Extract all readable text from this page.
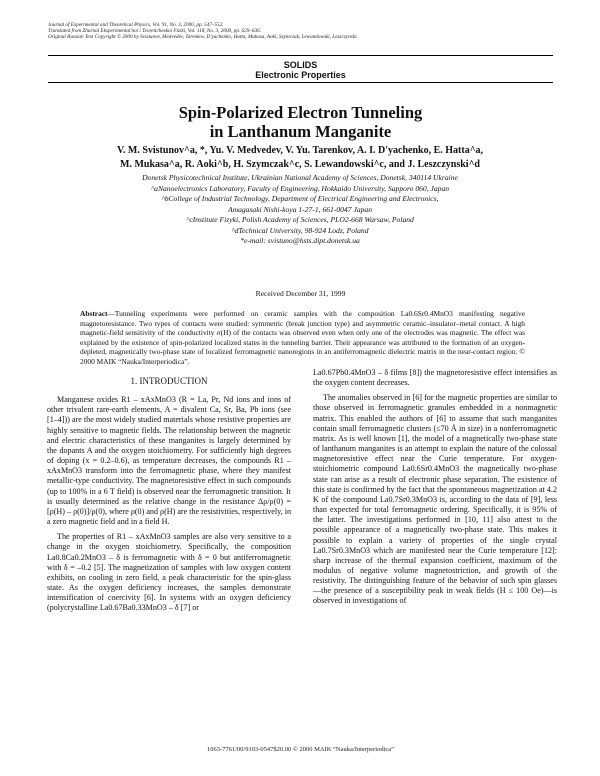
Journal of Experimental and Theoretical Physics, Vol. 91, No. 3, 2000, pp. 547–552.
Translated from Zhurnal Éksperimental'noi i Teoreticheskoi Fiziki, Vol. 118, No. 3, 2000, pp. 629–636.
Original Russian Text Copyright © 2000 by Svistunov, Medvedev, Tarenkov, D'yachenko, Hatta, Mukasa, Aoki, Szymczak, Lewandowski, Leszczynski.
SOLIDS
Electronic Properties
Spin-Polarized Electron Tunneling
in Lanthanum Manganite
V. M. Svistunov^a, *, Yu. V. Medvedev, V. Yu. Tarenkov, A. I. D'yachenko, E. Hatta^a,
M. Mukasa^a, R. Aoki^b, H. Szymczak^c, S. Lewandowski^c, and J. Leszczynski^d
Donetsk Physicotechnical Institute, Ukrainian National Academy of Sciences, Donetsk, 340114 Ukraine
^aNanoelectronics Laboratory, Faculty of Engineering, Hokkaido University, Sapporo 060, Japan
^bCollege of Industrial Technology, Department of Electrical Engineering and Electronics,
Amagasaki Nishi-koya 1-27-1, 661-0047 Japan
^cInstitute Fizyki, Polish Academy of Sciences, PLO2-668 Warsaw, Poland
^dTechnical University, 98-924 Lodz, Poland
*e-mail: svistuno@hsts.dipt.donetsk.ua
Received December 31, 1999
Abstract—Tunneling experiments were performed on ceramic samples with the composition La0.6Sr0.4MnO3 manifesting negative magnetoresistance. Two types of contacts were studied: symmetric (break junction type) and asymmetric ceramic–insulator–metal contact. A high magnetic-field sensitivity of the conductivity σ(H) of the contacts was observed even when only one of the electrodes was magnetic. The effect was explained by the existence of spin-polarized localized states in the tunneling barrier. Their appearance was attributed to the formation of an oxygen-depleted, magnetically two-phase state of localized ferromagnetic nanoregions in an antiferromagnetic dielectric matrix in the near-contact region. © 2000 MAIK “Nauka/Interperiodica”.
1. INTRODUCTION

Manganese oxides R1 – xAxMnO3 (R = La, Pr, Nd ions and ions of other trivalent rare-earth elements, A = divalent Ca, Sr, Ba, Pb ions (see [1–4])) are the most widely studied materials whose resistive properties are highly sensitive to magnetic fields. The relationship between the magnetic and electric characteristics of these manganites is largely determined by the dopants A and the oxygen stoichiometry. For sufficiently high degrees of doping (x = 0.2–0.6), as temperature decreases, the compounds R1 – xAxMnO3 transform into the ferromagnetic phase, where they manifest metallic-type conductivity. The magnetoresistive effect in such compounds (up to 100% in a 6 T field) is observed near the ferromagnetic transition. It is usually determined as the relative change in the resistance Δρ/ρ(0) = [ρ(H) – ρ(0)]/ρ(0), where ρ(0) and ρ(H) are the resistivities, respectively, in a zero magnetic field and in a field H.

The properties of R1 – xAxMnO3 samples are also very sensitive to a change in the oxygen stoichiometry. Specifically, the composition La0.8Ca0.2MnO3 – δ is ferromagnetic with δ = 0 but antiferromagnetic with δ = –0.2 [5]. The magnetization of samples with low oxygen content exhibits, on cooling in zero field, a peak characteristic for the spin-glass state. As the oxygen deficiency increases, the samples demonstrate intensification of coercivity [6]. In systems with an oxygen deficiency (polycrystalline La0.67Ba0.33MnO3 – δ [7] or

La0.67Pb0.4MnO3 – δ films [8]) the magnetoresistive effect intensifies as the oxygen content decreases.

The anomalies observed in [6] for the magnetic properties are similar to those observed in ferromagnetic granules embedded in a nonmagnetic matrix. This enabled the authors of [6] to assume that such manganites contain small ferromagnetic clusters (≤70 Å in size) in a nonferromagnetic matrix. As is well known [1], the model of a magnetically two-phase state of lanthanum manganites is an attempt to explain the nature of the colossal magnetoresistive effect near the Curie temperature. For oxygen-stoichiometric compound La0.6Sr0.4MnO3 the magnetically two-phase state can arise as a result of electronic phase separation. The existence of this state is confirmed by the fact that the spontaneous magnetization at 4.2 K of the compound La0.7Sr0.3MnO3 is, according to the data of [9], less than expected for total ferromagnetic ordering. Specifically, it is 95% of the latter. The investigations performed in [10, 11] also attest to the possible appearance of a magnetically two-phase state. This makes it possible to explain a variety of properties of the single crystal La0.7Sr0.3MnO3 which are manifested near the Curie temperature [12]: sharp increase of the thermal expansion coefficient, maximum of the modulus of negative volume magnetostriction, and growth of the resistivity. The distinguishing feature of the behavior of such spin glasses—the presence of a susceptibility peak in weak fields (H ≤ 100 Oe)—is observed in investigations of

1063-7761/00/9103-0547$20.00 © 2000 MAIK “Nauka/Interperiodica”
